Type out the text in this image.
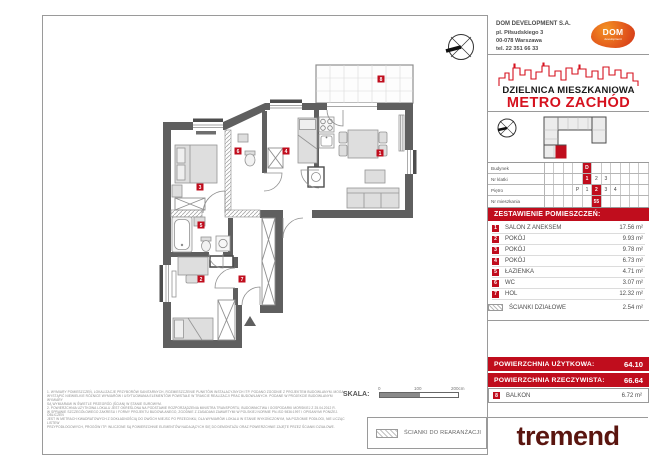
1
2
3
4
5
6
7
8
DOM DEVELOPMENT S.A.
pl. Piłsudskiego 3
00-078 Warszawa
tel. 22 351 66 33
DOM
development
DZIELNICA MIESZKANIOWA
METRO ZACHÓD
Budynek	D
Nr klatki	1	2	3
Piętro	P	1	2	3	4
Nr mieszkania	55
ZESTAWIENIE POMIESZCZEŃ:
1	SALON Z ANEKSEM	17.56 m²
2	POKÓJ	9.93 m²
3	POKÓJ	9.78 m²
4	POKÓJ	6.73 m²
5	ŁAZIENKA	4.71 m²
6	WC	3.07 m²
7	HOL	12.32 m²
ŚCIANKI DZIAŁOWE	2.54 m²
POWIERZCHNIA UŻYTKOWA:	64.10
POWIERZCHNIA RZECZYWISTA:	66.64
8	BALKON	6.72 m²
1. WYMIARY POMIESZCZEŃ, LOKALIZACJE PRZYBORÓW SANITARNYCH, ROZMIESZCZENIE PUNKTÓW INSTALACYJNYCH ITP. PODANO ZGODNIE Z PROJEKTEM BUDOWLANYM. MOGĄ
WYSTĄPIĆ NIEWIELKIE RÓŻNICE WYMIARÓW I USYTUOWANIA ELEMENTÓW POWSTAŁE W TRAKCIE REALIZACJI PRAC BUDOWLANYCH. PODANE W PROJEKCIE BUDOWLANYM WYMIARY
SĄ WYMIARAMI W ŚWIETLE PRZEGRÓD (ŚCIAN) W STANIE SUROWYM.
2. POWIERZCHNIA UŻYTKOWA LOKALU JEST OKREŚLONA NA PODSTAWIE ROZPORZĄDZENIA MINISTRA TRANSPORTU, BUDOWNICTWA I GOSPODARKI MORSKIEJ Z 25.04.2012 R.
W SPRAWIE SZCZEGÓŁOWEGO ZAKRESU I FORMY PROJEKTU BUDOWLANEGO, ZGODNIE Z ZASADAMI ZAWARTYMI W POLSKIEJ NORMIE PN-ISO 9836:1997 I OPISANYMI PONIŻEJ. OBLICZEŃ
JEST W METRACH KWADRATOWYCH Z DOKŁADNOŚCIĄ DO DWÓCH MIEJSC PO PRZECINKU, DLA WYMIARÓW LOKALU W STANIE WYKOŃCZONYM, NA POZIOMIE PODŁOGI, NIE LICZĄC LISTEW
PRZYPODŁOGOWYCH, PROGÓW ITP. WLICZONE SĄ POWIERZCHNIE ELEMENTÓW NADAJĄCYCH SIĘ DO DEMONTAŻU ORAZ POWIERZCHNIE ZAJĘTE PRZEZ ŚCIANKI DZIAŁOWE.
SKALA:
0	100	200cm
ŚCIANKI DO REARANŻACJI tremend
